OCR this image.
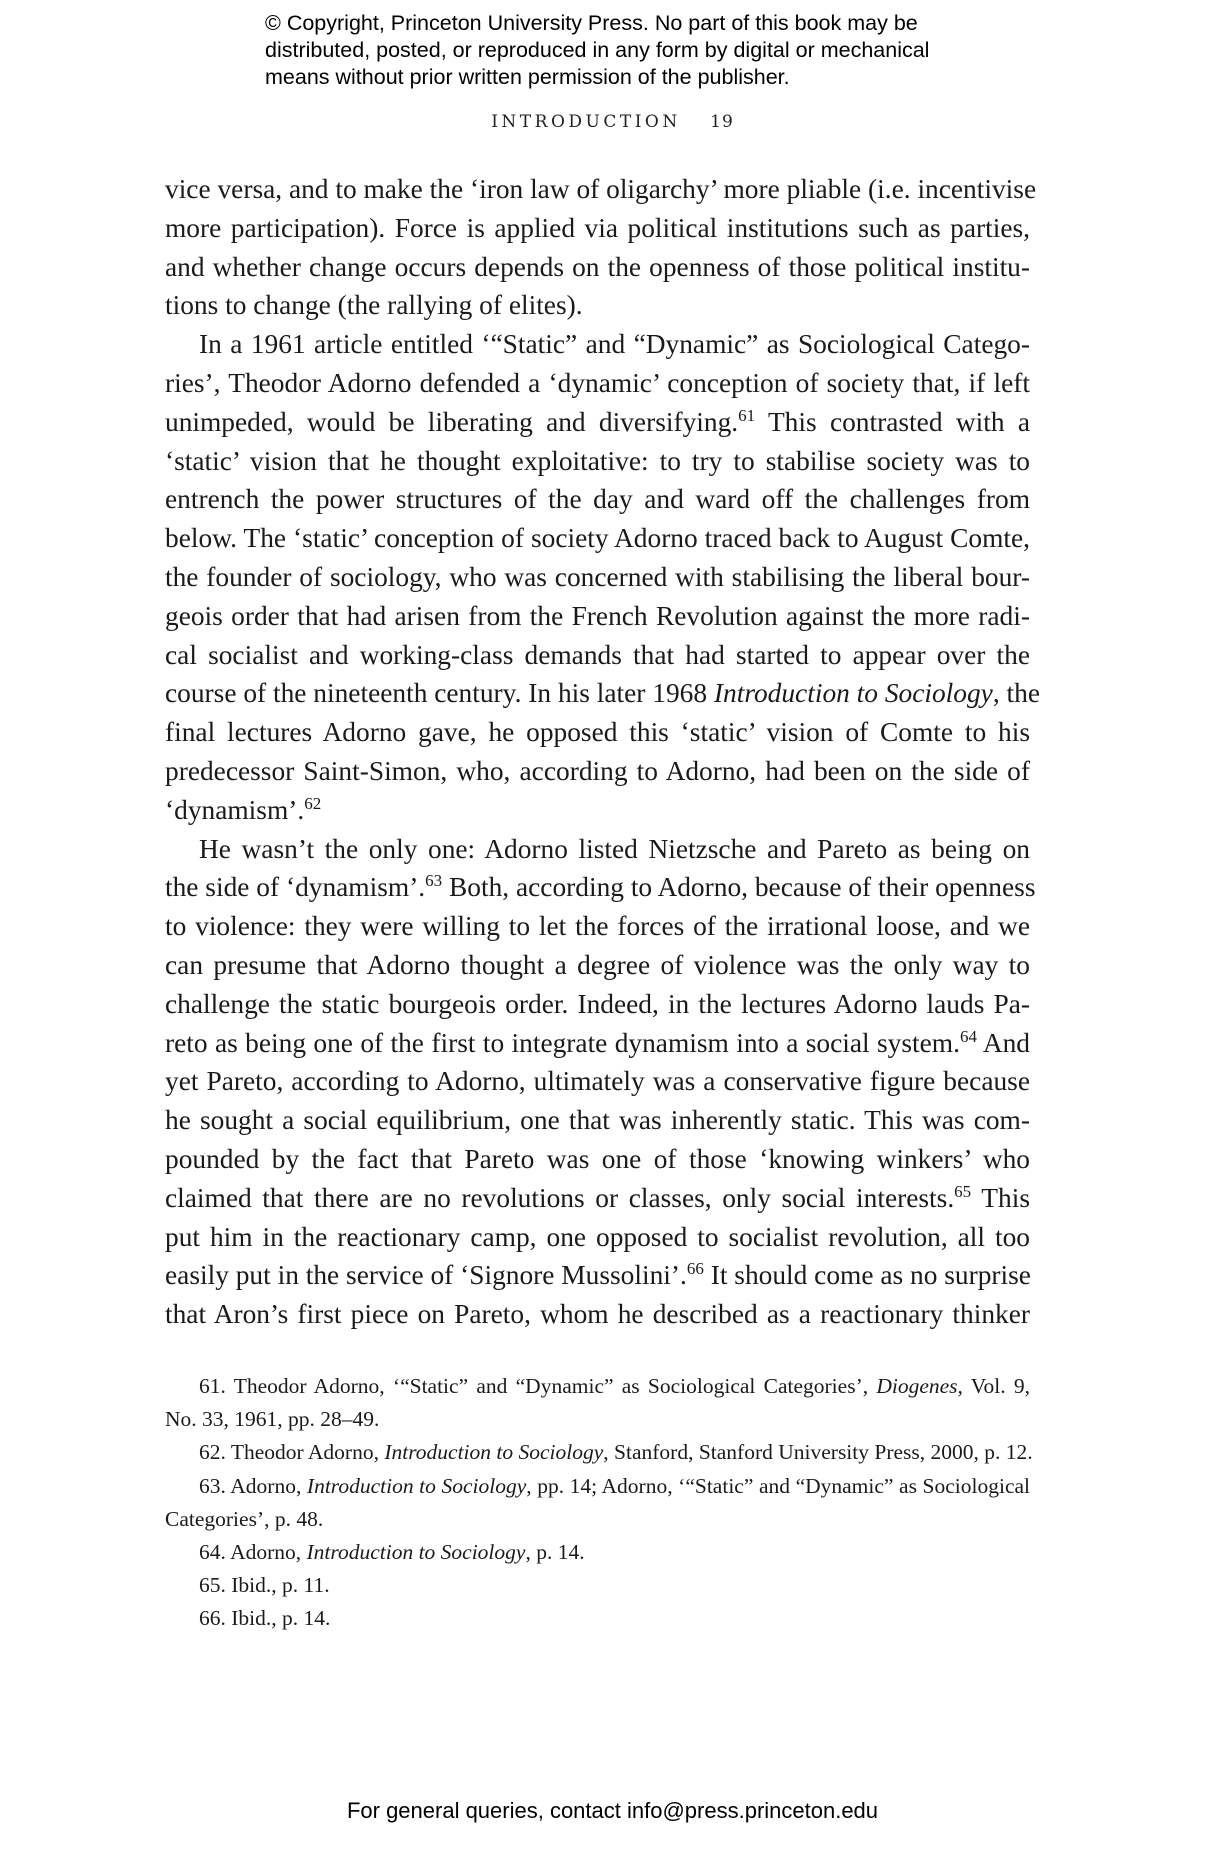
© Copyright, Princeton University Press. No part of this book may be
distributed, posted, or reproduced in any form by digital or mechanical
means without prior written permission of the publisher.
INTRODUCTION 19
vice versa, and to make the ‘iron law of oligarchy’ more pliable (i.e. incentivise
more participation). Force is applied via political institutions such as parties,
and whether change occurs depends on the openness of those political institu-
tions to change (the rallying of elites).
In a 1961 article entitled ‘“Static” and “Dynamic” as Sociological Catego-
ries’, Theodor Adorno defended a ‘dynamic’ conception of society that, if left
unimpeded, would be liberating and diversifying.$^{61}$ This contrasted with a
‘static’ vision that he thought exploitative: to try to stabilise society was to
entrench the power structures of the day and ward off the challenges from
below. The ‘static’ conception of society Adorno traced back to August Comte,
the founder of sociology, who was concerned with stabilising the liberal bour-
geois order that had arisen from the French Revolution against the more radi-
cal socialist and working-class demands that had started to appear over the
course of the nineteenth century. In his later 1968 Introduction to Sociology, the
final lectures Adorno gave, he opposed this ‘static’ vision of Comte to his
predecessor Saint-Simon, who, according to Adorno, had been on the side of
‘dynamism’.$^{62}$
He wasn’t the only one: Adorno listed Nietzsche and Pareto as being on
the side of ‘dynamism’.$^{63}$ Both, according to Adorno, because of their openness
to violence: they were willing to let the forces of the irrational loose, and we
can presume that Adorno thought a degree of violence was the only way to
challenge the static bourgeois order. Indeed, in the lectures Adorno lauds Pa-
reto as being one of the first to integrate dynamism into a social system.$^{64}$ And
yet Pareto, according to Adorno, ultimately was a conservative figure because
he sought a social equilibrium, one that was inherently static. This was com-
pounded by the fact that Pareto was one of those ‘knowing winkers’ who
claimed that there are no revolutions or classes, only social interests.$^{65}$ This
put him in the reactionary camp, one opposed to socialist revolution, all too
easily put in the service of ‘Signore Mussolini’.$^{66}$ It should come as no surprise
that Aron’s first piece on Pareto, whom he described as a reactionary thinker
61. Theodor Adorno, ‘“Static” and “Dynamic” as Sociological Categories’, Diogenes, Vol. 9,
No. 33, 1961, pp. 28–49.
62. Theodor Adorno, Introduction to Sociology, Stanford, Stanford University Press, 2000, p. 12.
63. Adorno, Introduction to Sociology, pp. 14; Adorno, ‘“Static” and “Dynamic” as Sociological
Categories’, p. 48.
64. Adorno, Introduction to Sociology, p. 14.
65. Ibid., p. 11.
66. Ibid., p. 14.
For general queries, contact info@press.princeton.edu
